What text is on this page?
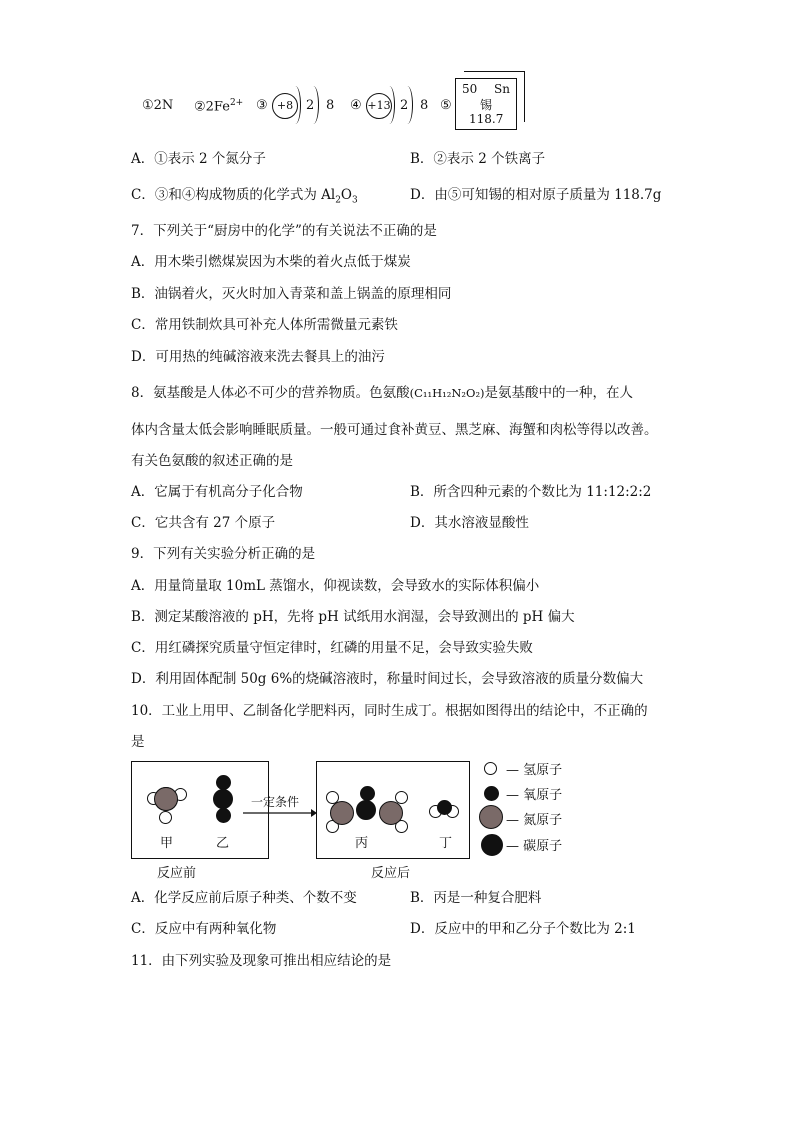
①2N $②2Fe^{2+}$ ③ +8 2 8 ④ +13 2 8 ⑤
50 Sn
锡
118.7
A．①表示 2 个氮分子	B．②表示 2 个铁离子
C．③和④构成物质的化学式为 $Al_2O_3$	D．由⑤可知锡的相对原子质量为 118.7g
7．下列关于“厨房中的化学”的有关说法不正确的是
A．用木柴引燃煤炭因为木柴的着火点低于煤炭
B．油锅着火，灭火时加入青菜和盖上锅盖的原理相同
C．常用铁制炊具可补充人体所需微量元素铁
D．可用热的纯碱溶液来洗去餐具上的油污
8．氨基酸是人体必不可少的营养物质。色氨酸(C₁₁H₁₂N₂O₂)是氨基酸中的一种，在人
体内含量太低会影响睡眠质量。一般可通过食补黄豆、黑芝麻、海蟹和肉松等得以改善。
有关色氨酸的叙述正确的是
A．它属于有机高分子化合物	B．所含四种元素的个数比为 11:12:2:2
C．它共含有 27 个原子	D．其水溶液显酸性
9．下列有关实验分析正确的是
A．用量筒量取 10mL 蒸馏水，仰视读数，会导致水的实际体积偏小
B．测定某酸溶液的 pH，先将 pH 试纸用水润湿，会导致测出的 pH 偏大
C．用红磷探究质量守恒定律时，红磷的用量不足，会导致实验失败
D．利用固体配制 50g 6%的烧碱溶液时，称量时间过长，会导致溶液的质量分数偏大
10．工业上用甲、乙制备化学肥料丙，同时生成丁。根据如图得出的结论中，不正确的
是
甲	乙
反应前
一定条件
丙	丁
反应后
— 氢原子
— 氧原子
— 氮原子
— 碳原子
A．化学反应前后原子种类、个数不变	B．丙是一种复合肥料
C．反应中有两种氧化物	D．反应中的甲和乙分子个数比为 2:1
11．由下列实验及现象可推出相应结论的是
